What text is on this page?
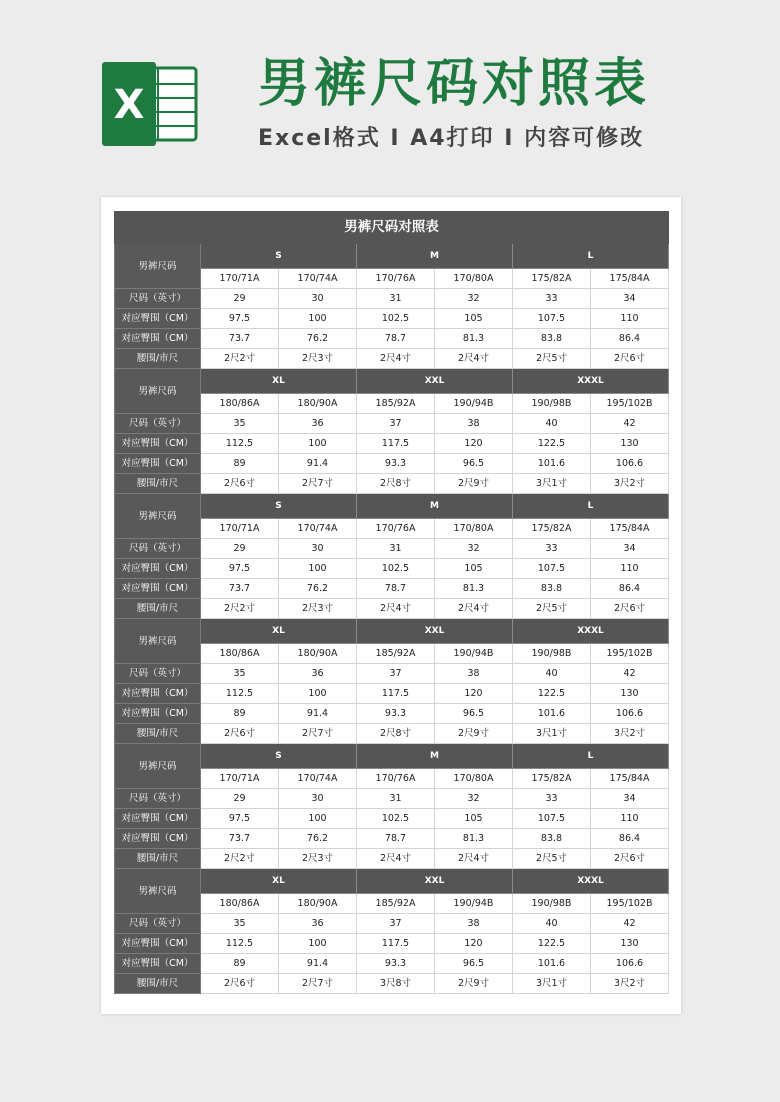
X 男裤尺码对照表
Excel格式 I A4打印 I 内容可修改
男裤尺码对照表						
男裤尺码	S		M		L	
	170/71A	170/74A	170/76A	170/80A	175/82A	175/84A
尺码（英寸）	29	30	31	32	33	34
对应臀围（CM）	97.5	100	102.5	105	107.5	110
对应臀围（CM）	73.7	76.2	78.7	81.3	83.8	86.4
腰围/市尺	2尺2寸	2尺3寸	2尺4寸	2尺4寸	2尺5寸	2尺6寸
男裤尺码	XL		XXL		XXXL	
	180/86A	180/90A	185/92A	190/94B	190/98B	195/102B
尺码（英寸）	35	36	37	38	40	42
对应臀围（CM）	112.5	100	117.5	120	122.5	130
对应臀围（CM）	89	91.4	93.3	96.5	101.6	106.6
腰围/市尺	2尺6寸	2尺7寸	2尺8寸	2尺9寸	3尺1寸	3尺2寸
男裤尺码	S		M		L	
	170/71A	170/74A	170/76A	170/80A	175/82A	175/84A
尺码（英寸）	29	30	31	32	33	34
对应臀围（CM）	97.5	100	102.5	105	107.5	110
对应臀围（CM）	73.7	76.2	78.7	81.3	83.8	86.4
腰围/市尺	2尺2寸	2尺3寸	2尺4寸	2尺4寸	2尺5寸	2尺6寸
男裤尺码	XL		XXL		XXXL	
	180/86A	180/90A	185/92A	190/94B	190/98B	195/102B
尺码（英寸）	35	36	37	38	40	42
对应臀围（CM）	112.5	100	117.5	120	122.5	130
对应臀围（CM）	89	91.4	93.3	96.5	101.6	106.6
腰围/市尺	2尺6寸	2尺7寸	2尺8寸	2尺9寸	3尺1寸	3尺2寸
男裤尺码	S		M		L	
	170/71A	170/74A	170/76A	170/80A	175/82A	175/84A
尺码（英寸）	29	30	31	32	33	34
对应臀围（CM）	97.5	100	102.5	105	107.5	110
对应臀围（CM）	73.7	76.2	78.7	81.3	83.8	86.4
腰围/市尺	2尺2寸	2尺3寸	2尺4寸	2尺4寸	2尺5寸	2尺6寸
男裤尺码	XL		XXL		XXXL	
	180/86A	180/90A	185/92A	190/94B	190/98B	195/102B
尺码（英寸）	35	36	37	38	40	42
对应臀围（CM）	112.5	100	117.5	120	122.5	130
对应臀围（CM）	89	91.4	93.3	96.5	101.6	106.6
腰围/市尺	2尺6寸	2尺7寸	3尺8寸	2尺9寸	3尺1寸	3尺2寸
